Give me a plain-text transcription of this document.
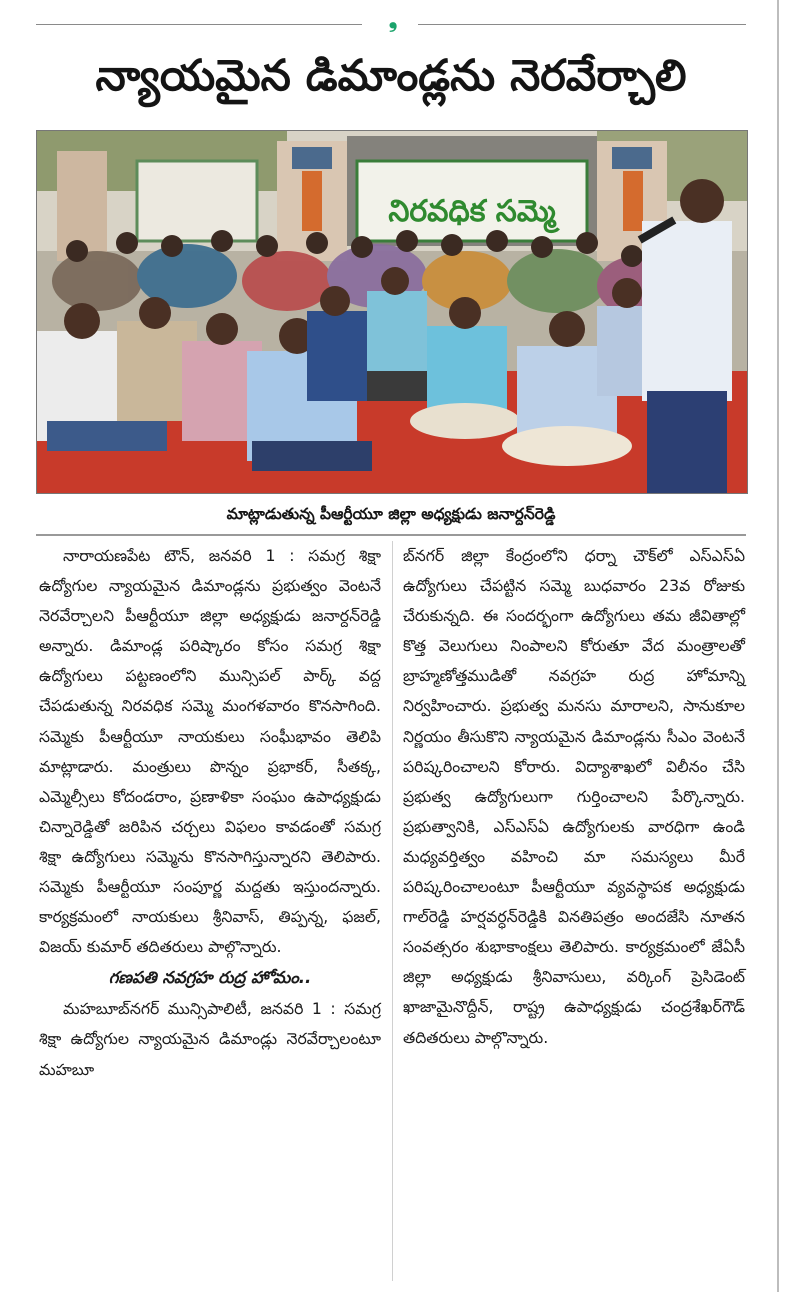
❟
న్యాయమైన డిమాండ్లను నెరవేర్చాలి
నిరవధిక సమ్మె
మాట్లాడుతున్న పీఆర్టీయూ జిల్లా అధ్యక్షుడు జనార్దన్‌రెడ్డి

నారాయణపేట టౌన్, జనవరి 1 : సమగ్ర శిక్షా ఉద్యోగుల న్యాయమైన డిమాండ్లను ప్రభుత్వం వెంటనే నెరవేర్చాలని పీఆర్టీయూ జిల్లా అధ్యక్షుడు జనార్దన్‌రెడ్డి అన్నారు. డిమాండ్ల పరిష్కారం కోసం సమగ్ర శిక్షా ఉద్యోగులు పట్టణంలోని మున్సిపల్ పార్క్ వద్ద చేపడుతున్న నిరవధిక సమ్మె మంగళవారం కొనసాగింది. సమ్మెకు పీఆర్టీయూ నాయకులు సంఘీభావం తెలిపి మాట్లాడారు. మంత్రులు పొన్నం ప్రభాకర్, సీతక్క, ఎమ్మెల్సీలు కోదండరాం, ప్రణాళికా సంఘం ఉపాధ్యక్షుడు చిన్నారెడ్డితో జరిపిన చర్చలు విఫలం కావడంతో సమగ్ర శిక్షా ఉద్యోగులు సమ్మెను కొనసాగిస్తున్నారని తెలిపారు. సమ్మెకు పీఆర్టీయూ సంపూర్ణ మద్దతు ఇస్తుందన్నారు. కార్యక్రమంలో నాయకులు శ్రీనివాస్, తిప్పన్న, ఫజల్, విజయ్ కుమార్ తదితరులు పాల్గొన్నారు.

గణపతి నవగ్రహ రుద్ర హోమం..

మహబూబ్‌నగర్ మున్సిపాలిటీ, జనవరి 1 : సమగ్ర శిక్షా ఉద్యోగుల న్యాయమైన డిమాండ్లు నెరవేర్చాలంటూ మహబూ

బ్‌నగర్ జిల్లా కేంద్రంలోని ధర్నా చౌక్‌లో ఎస్‌ఎస్‌ఏ ఉద్యోగులు చేపట్టిన సమ్మె బుధవారం 23వ రోజుకు చేరుకున్నది. ఈ సందర్భంగా ఉద్యోగులు తమ జీవితాల్లో కొత్త వెలుగులు నింపాలని కోరుతూ వేద మంత్రాలతో బ్రాహ్మణోత్తముడితో నవగ్రహ రుద్ర హోమాన్ని నిర్వహించారు. ప్రభుత్వ మనసు మారాలని, సానుకూల నిర్ణయం తీసుకొని న్యాయమైన డిమాండ్లను సీఎం వెంటనే పరిష్కరించాలని కోరారు. విద్యాశాఖలో విలీనం చేసి ప్రభుత్వ ఉద్యోగులుగా గుర్తించాలని పేర్కొన్నారు. ప్రభుత్వానికి, ఎస్‌ఎస్‌ఏ ఉద్యోగులకు వారధిగా ఉండి మధ్యవర్తిత్వం వహించి మా సమస్యలు మీరే పరిష్కరించాలంటూ పీఆర్టీయూ వ్యవస్థాపక అధ్యక్షుడు గాల్‌రెడ్డి హర్షవర్ధన్‌రెడ్డికి వినతిపత్రం అందజేసి నూతన సంవత్సరం శుభాకాంక్షలు తెలిపారు. కార్యక్రమంలో జేఏసీ జిల్లా అధ్యక్షుడు శ్రీనివాసులు, వర్కింగ్ ప్రెసిడెంట్ ఖాజామైనొద్దీన్, రాష్ట్ర ఉపాధ్యక్షుడు చంద్రశేఖర్‌గౌడ్ తదితరులు పాల్గొన్నారు.
